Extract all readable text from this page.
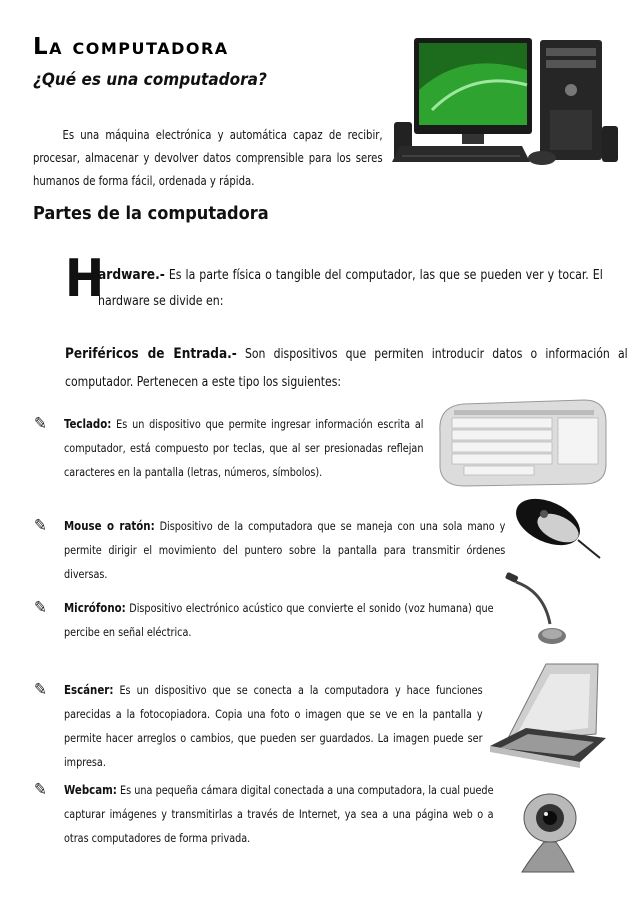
La computadora
¿Qué es una computadora?
Es una máquina electrónica y automática capaz de recibir, procesar, almacenar y devolver datos comprensible para los seres humanos de forma fácil, ordenada y rápida.
Partes de la computadora
H
ardware.- Es la parte física o tangible del computador, las que se pueden ver y tocar. El hardware se divide en:
Periféricos de Entrada.- Son dispositivos que permiten introducir datos o información al computador. Pertenecen a este tipo los siguientes:
✎ Teclado: Es un dispositivo que permite ingresar información escrita al computador, está compuesto por teclas, que al ser presionadas reflejan caracteres en la pantalla (letras, números, símbolos).
✎ Mouse o ratón: Dispositivo de la computadora que se maneja con una sola mano y permite dirigir el movimiento del puntero sobre la pantalla para transmitir órdenes diversas.
✎ Micrófono: Dispositivo electrónico acústico que convierte el sonido (voz humana) que percibe en señal eléctrica.
✎ Escáner: Es un dispositivo que se conecta a la computadora y hace funciones parecidas a la fotocopiadora. Copia una foto o imagen que se ve en la pantalla y permite hacer arreglos o cambios, que pueden ser guardados. La imagen puede ser impresa.
✎ Webcam: Es una pequeña cámara digital conectada a una computadora, la cual puede capturar imágenes y transmitirlas a través de Internet, ya sea a una página web o a otras computadores de forma privada.
